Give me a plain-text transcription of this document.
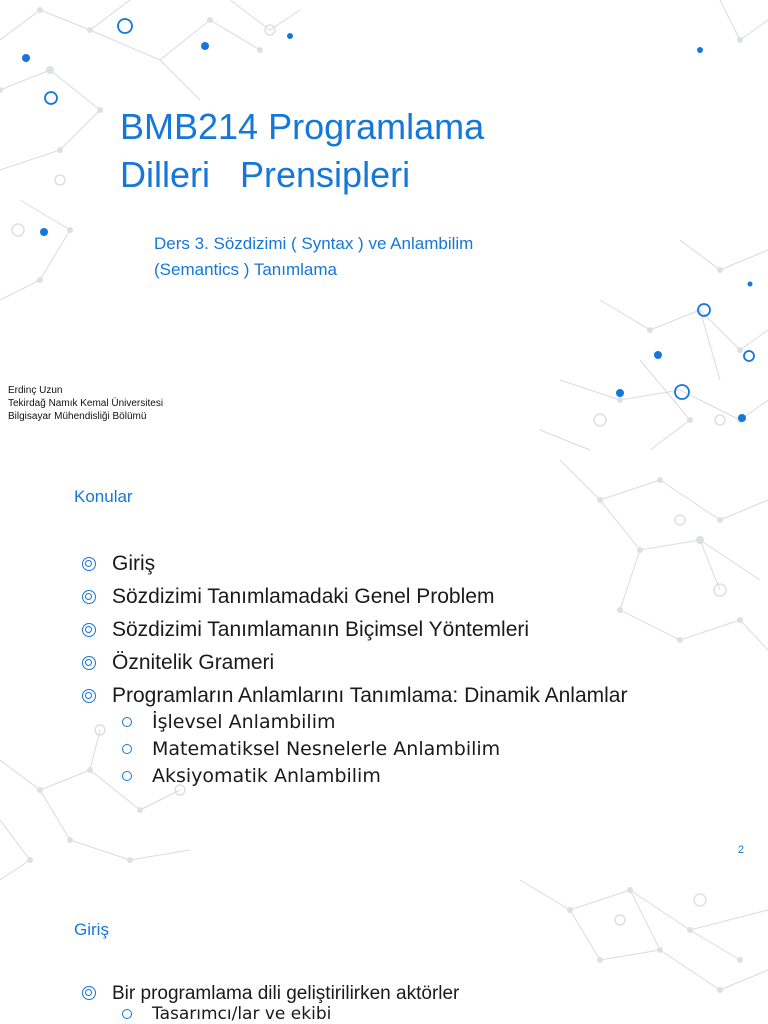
BMB214 Programlama
Dilleri   Prensipleri

Ders 3. Sözdizimi ( Syntax ) ve Anlambilim
(Semantics ) Tanımlama

Erdinç Uzun
Tekirdağ Namık Kemal Üniversitesi
Bilgisayar Mühendisliği Bölümü
Konular
Giriş
Sözdizimi Tanımlamadaki Genel Problem
Sözdizimi Tanımlamanın Biçimsel Yöntemleri
Öznitelik Grameri
Programların Anlamlarını Tanımlama: Dinamik Anlamlar
İşlevsel Anlambilim
Matematiksel Nesnelerle Anlambilim
Aksiyomatik Anlambilim
2
Giriş
Bir programlama dili geliştirilirken aktörler
Tasarımcı/lar ve ekibi
